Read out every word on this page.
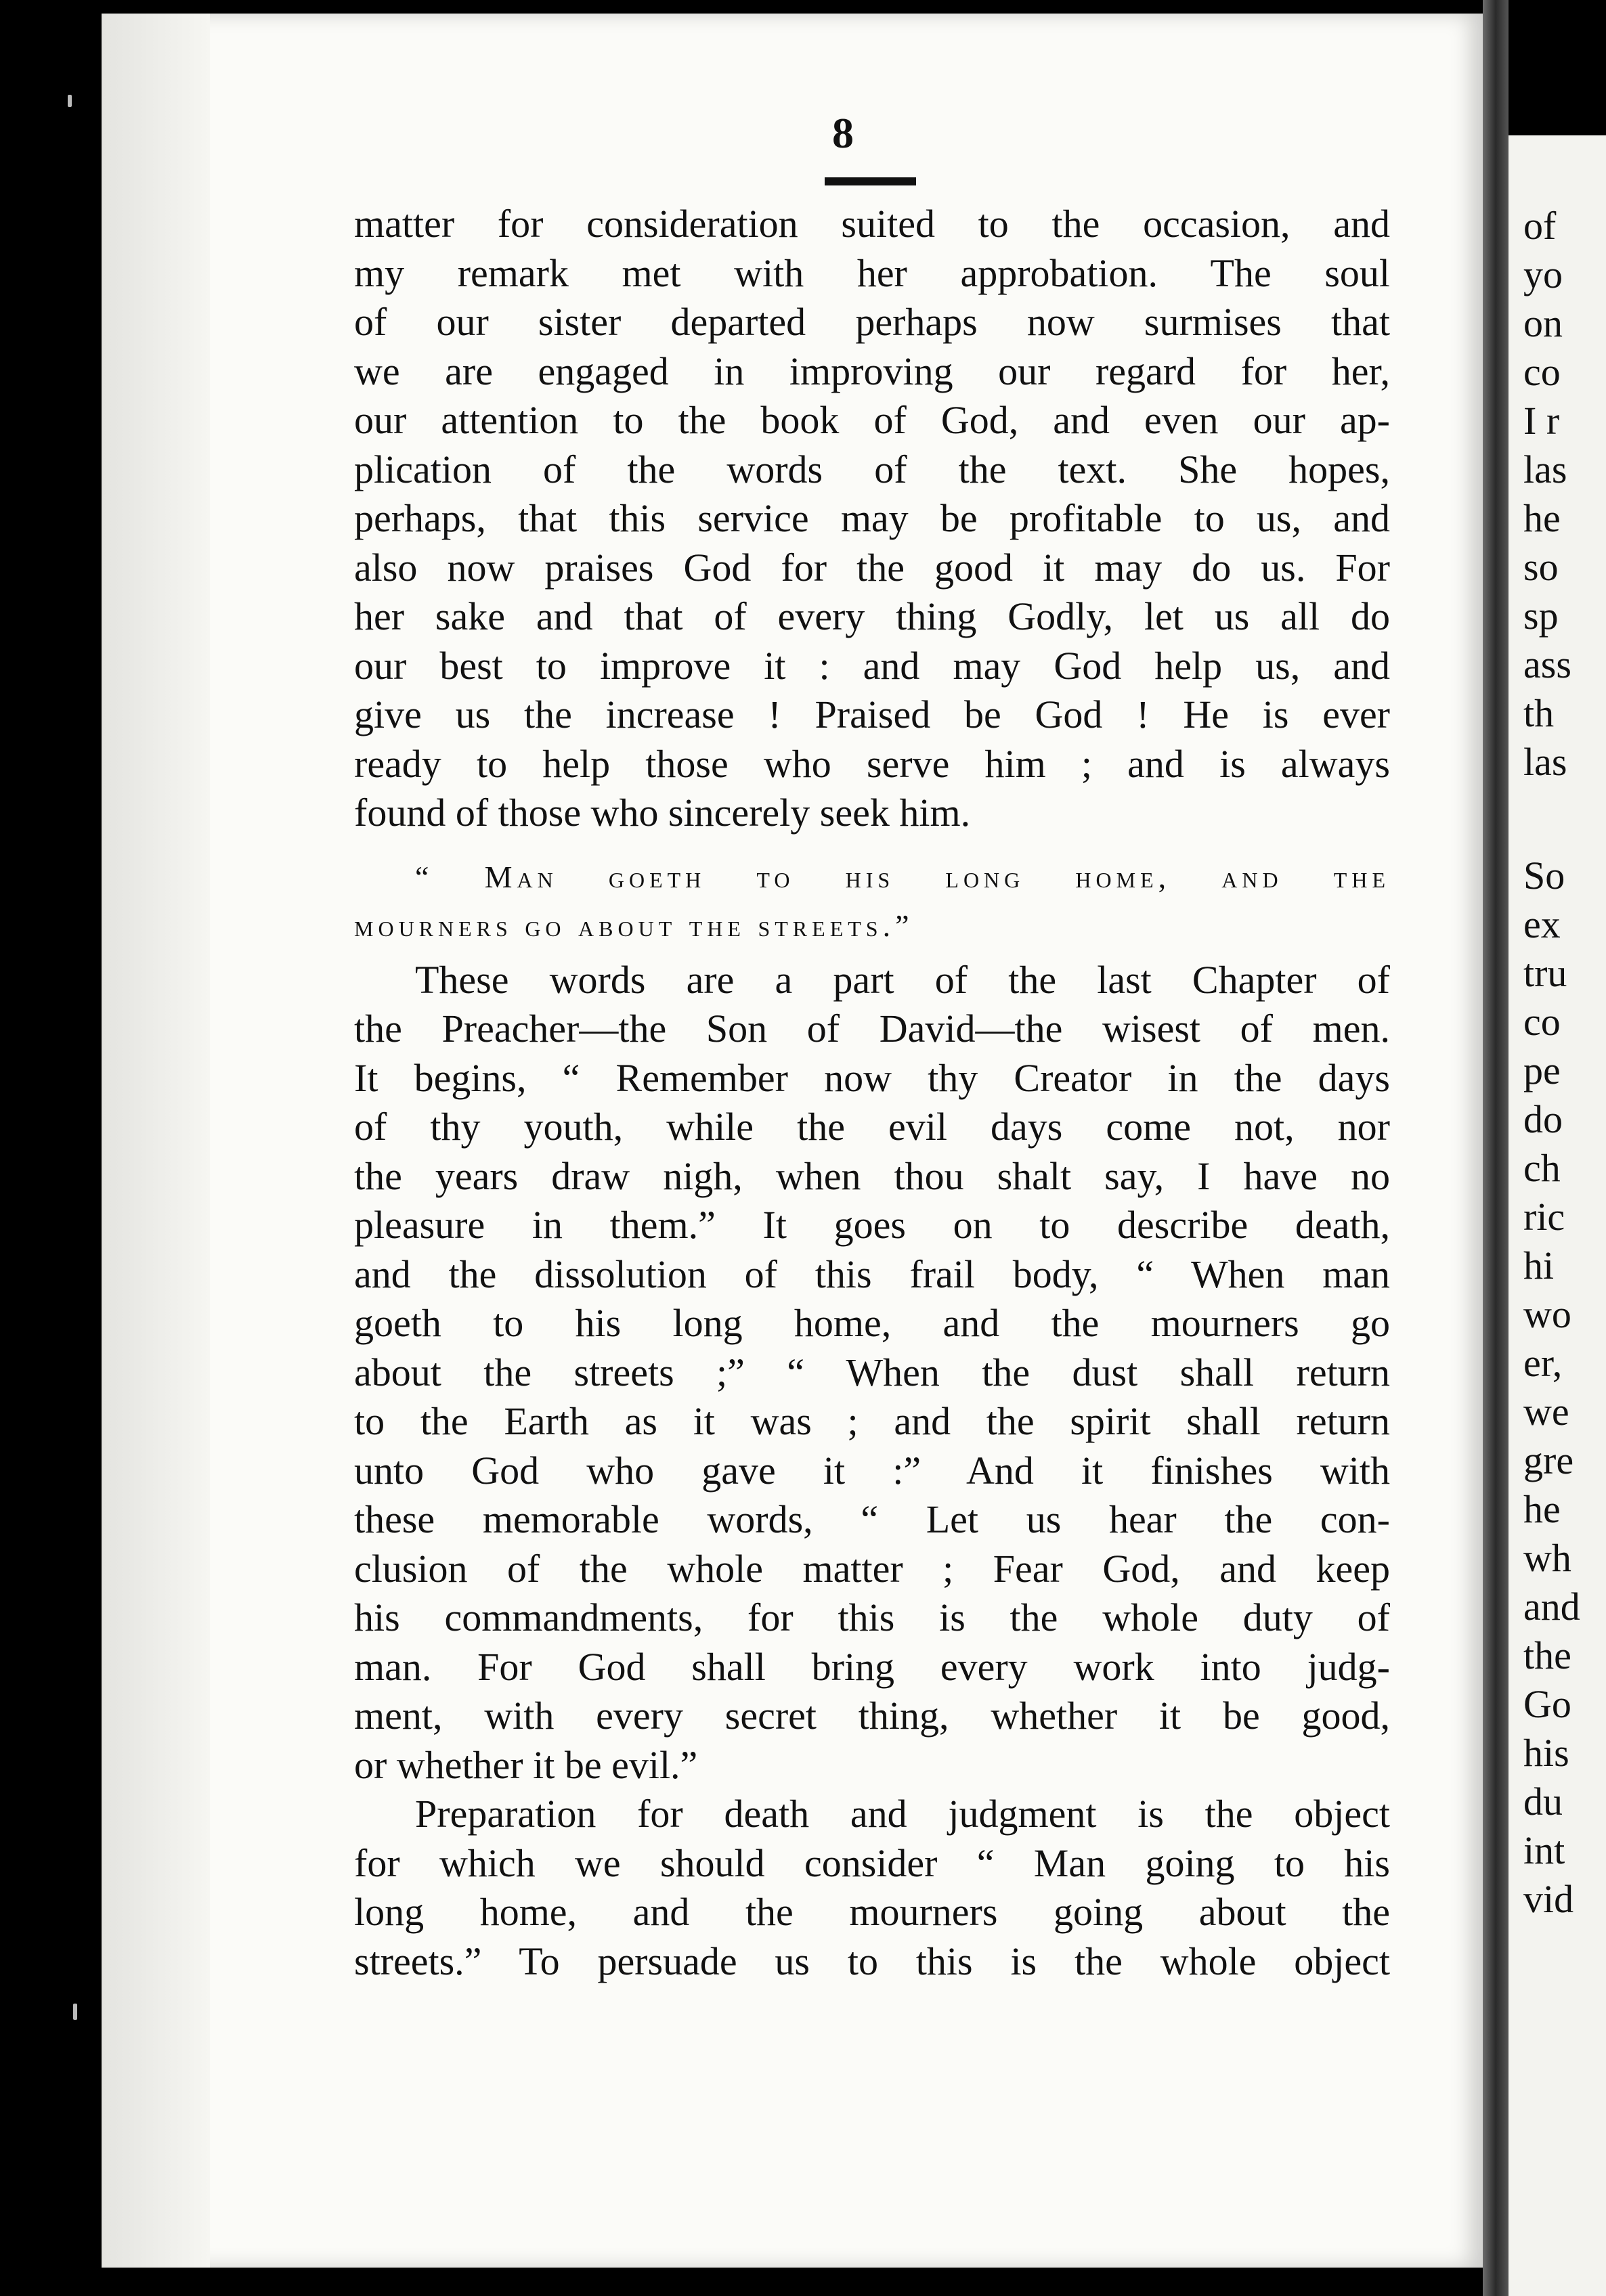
8
matter for consideration suited to the occasion, and
my remark met with her approbation. The soul
of our sister departed perhaps now surmises that
we are engaged in improving our regard for her,
our attention to the book of God, and even our ap-
plication of the words of the text. She hopes,
perhaps, that this service may be profitable to us, and
also now praises God for the good it may do us. For
her sake and that of every thing Godly, let us all do
our best to improve it : and may God help us, and
give us the increase ! Praised be God ! He is ever
ready to help those who serve him ; and is always
found of those who sincerely seek him.
“ Man goeth to his long home, and the
mourners go about the streets.”
These words are a part of the last Chapter of
the Preacher—the Son of David—the wisest of men.
It begins, “ Remember now thy Creator in the days
of thy youth, while the evil days come not, nor
the years draw nigh, when thou shalt say, I have no
pleasure in them.” It goes on to describe death,
and the dissolution of this frail body, “ When man
goeth to his long home, and the mourners go
about the streets ;” “ When the dust shall return
to the Earth as it was ; and the spirit shall return
unto God who gave it :” And it finishes with
these memorable words, “ Let us hear the con-
clusion of the whole matter ; Fear God, and keep
his commandments, for this is the whole duty of
man. For God shall bring every work into judg-
ment, with every secret thing, whether it be good,
or whether it be evil.”
Preparation for death and judgment is the object
for which we should consider “ Man going to his
long home, and the mourners going about the
streets.” To persuade us to this is the whole object
of
yo
on
co
I r
las
he
so
sp
ass
th
las
So
ex
tru
co
pe
do
ch
ric
hi
wo
er,
we
gre
he
wh
and
the
Go
his
du
int
vid
